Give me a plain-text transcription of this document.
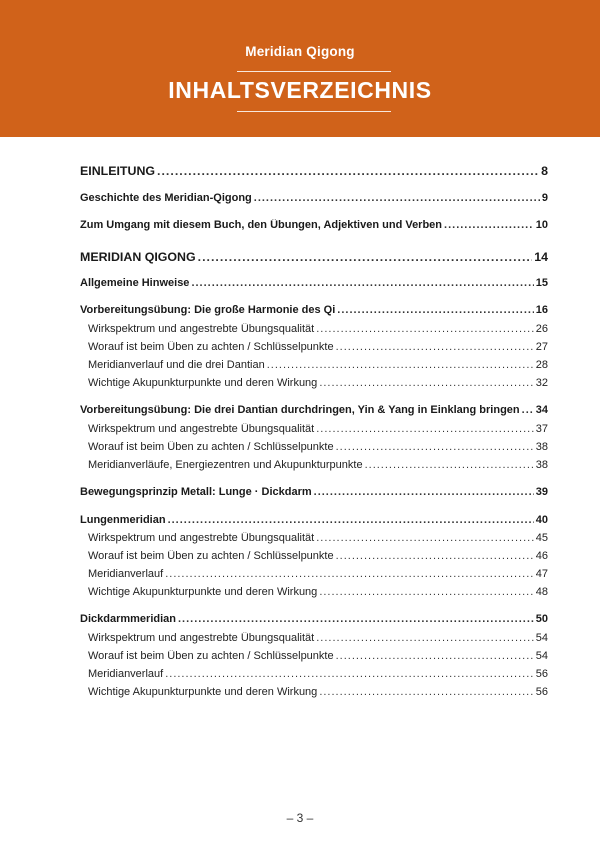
Meridian Qigong
INHALTSVERZEICHNIS
EINLEITUNG .....	8
Geschichte des Meridian-Qigong .....	9
Zum Umgang mit diesem Buch, den Übungen, Adjektiven und Verben .....	10
MERIDIAN QIGONG .....	14
Allgemeine Hinweise .....	15
Vorbereitungsübung: Die große Harmonie des Qi .....	16
Wirkspektrum und angestrebte Übungsqualität .....	26
Worauf ist beim Üben zu achten / Schlüsselpunkte .....	27
Meridianverlauf und die drei Dantian .....	28
Wichtige Akupunkturpunkte und deren Wirkung .....	32
Vorbereitungsübung: Die drei Dantian durchdringen, Yin & Yang in Einklang bringen ..... 34
Wirkspektrum und angestrebte Übungsqualität .....	37
Worauf ist beim Üben zu achten / Schlüsselpunkte .....	38
Meridianverläufe, Energiezentren und Akupunkturpunkte .....	38
Bewegungsprinzip Metall: Lunge · Dickdarm .....	39
Lungenmeridian .....	40
Wirkspektrum und angestrebte Übungsqualität .....	45
Worauf ist beim Üben zu achten / Schlüsselpunkte .....	46
Meridianverlauf .....	47
Wichtige Akupunkturpunkte und deren Wirkung .....	48
Dickdarmmeridian .....	50
Wirkspektrum und angestrebte Übungsqualität .....	54
Worauf ist beim Üben zu achten / Schlüsselpunkte .....	54
Meridianverlauf .....	56
Wichtige Akupunkturpunkte und deren Wirkung .....	56
– 3 –
